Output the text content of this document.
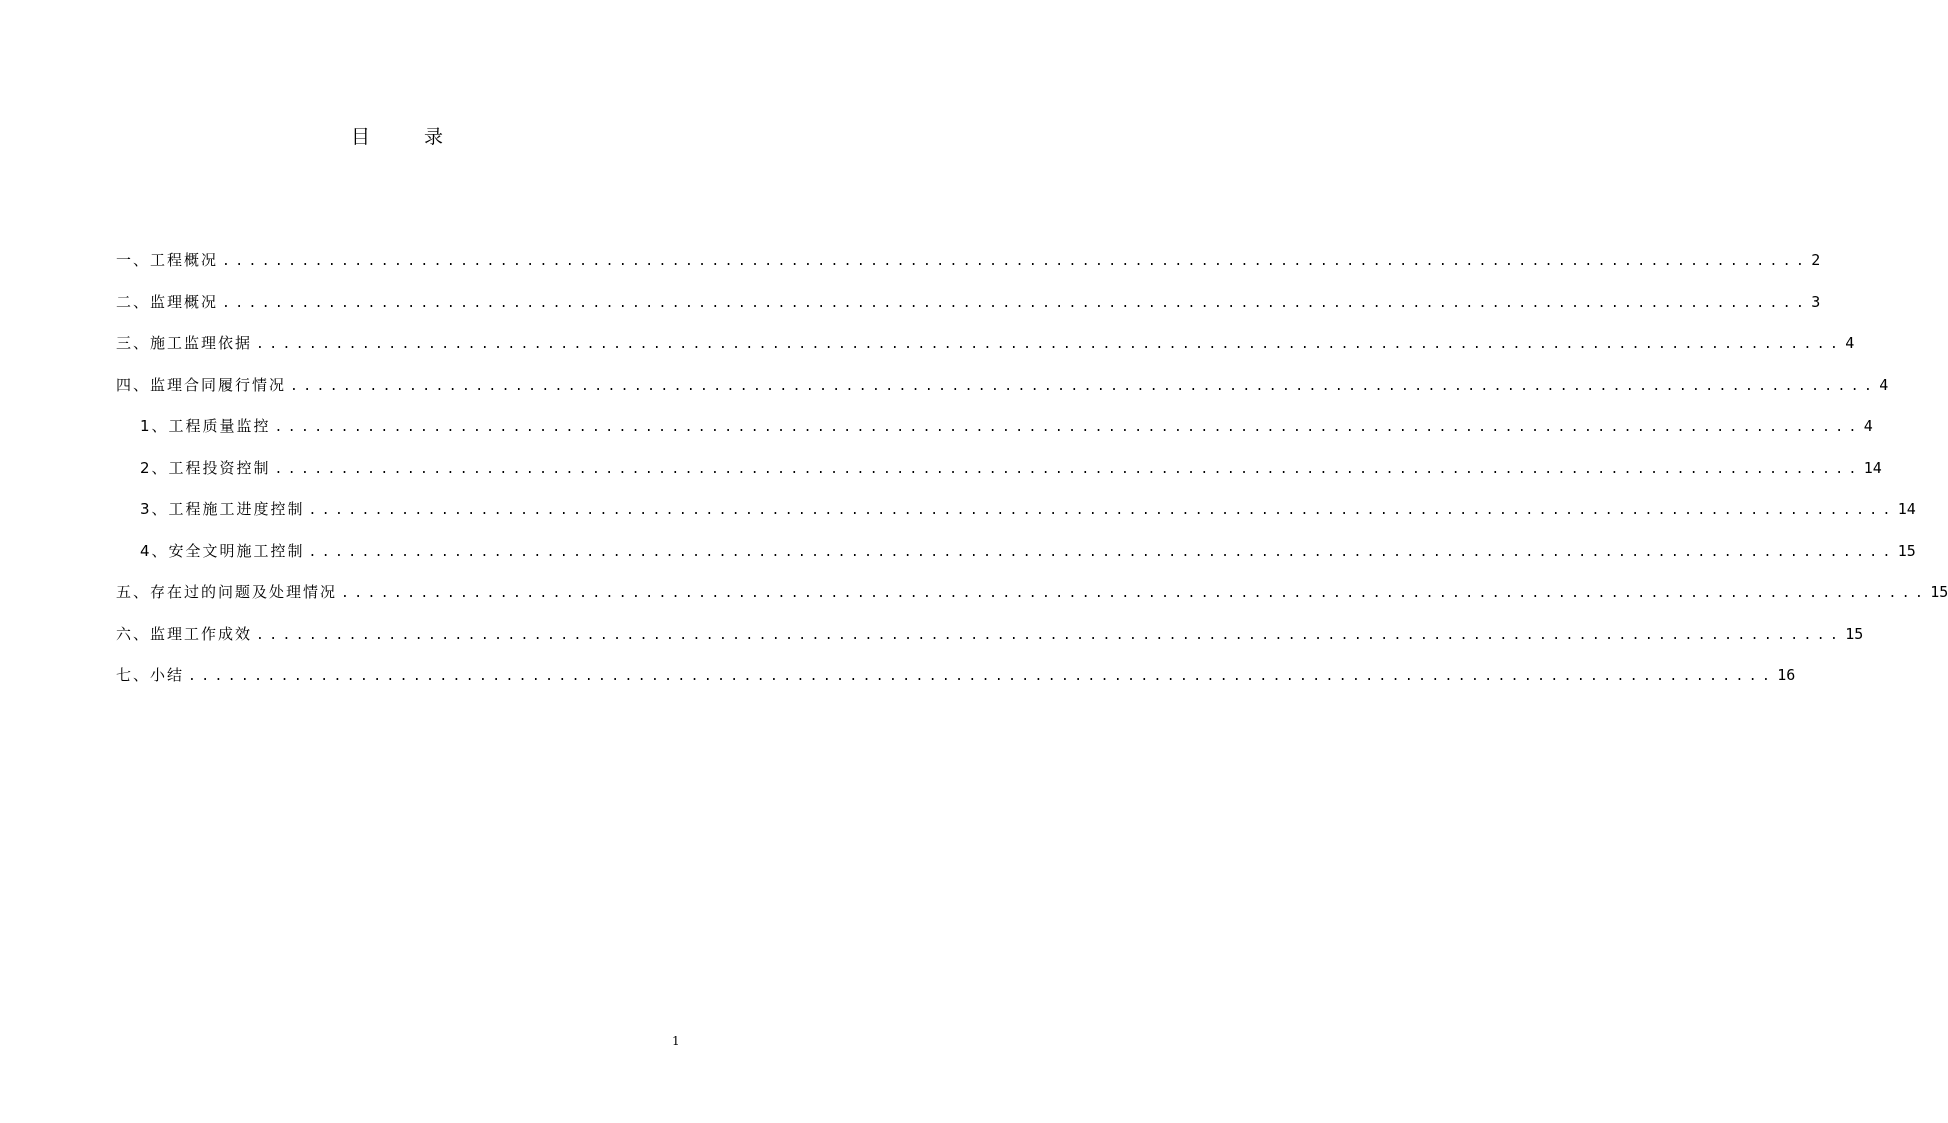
目 录
一、工程概况 ........................................................................................................................ 2
二、监理概况 ........................................................................................................................ 3
三、施工监理依据 ........................................................................................................................ 4
四、监理合同履行情况 ........................................................................................................................ 4
1、工程质量监控 ........................................................................................................................ 4
2、工程投资控制 ........................................................................................................................ 14
3、工程施工进度控制 ........................................................................................................................ 14
4、安全文明施工控制 ........................................................................................................................ 15
五、存在过的问题及处理情况 ........................................................................................................................ 15
六、监理工作成效 ........................................................................................................................ 15
七、小结 ........................................................................................................................ 16
1
